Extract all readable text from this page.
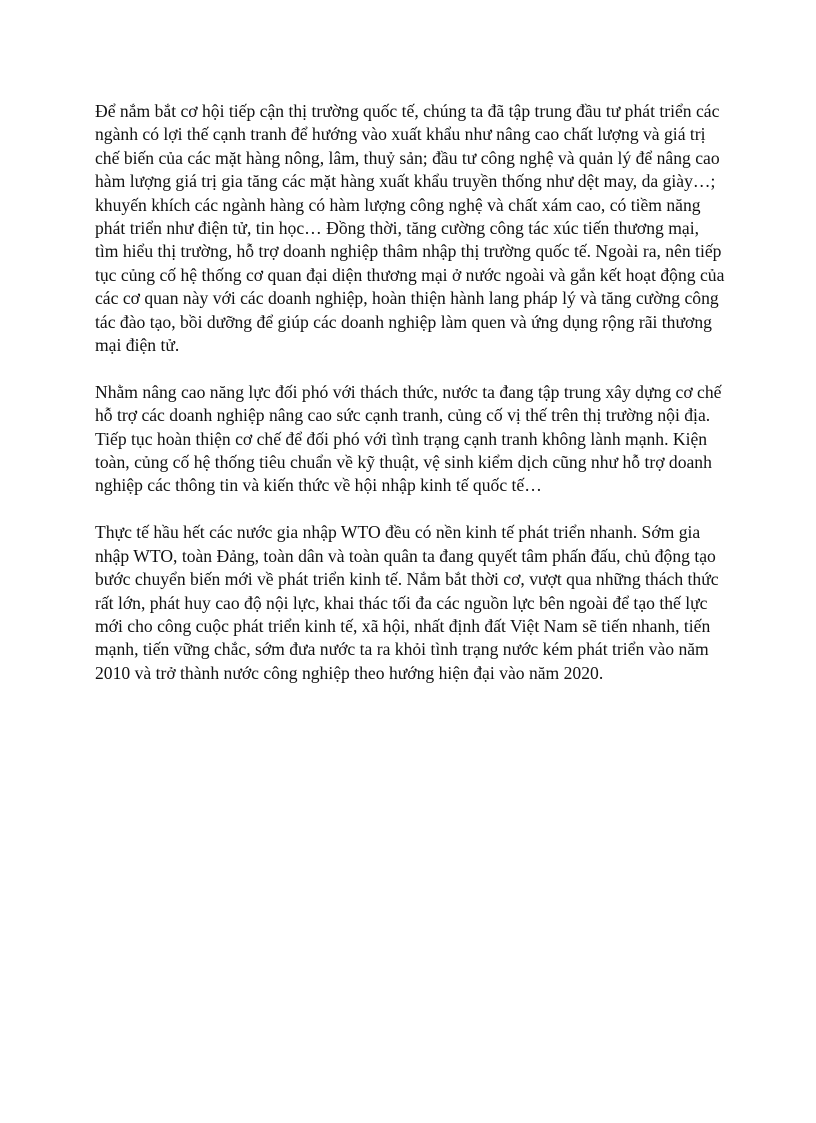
Để nắm bắt cơ hội tiếp cận thị trường quốc tế, chúng ta đã tập trung đầu tư phát triển các ngành có lợi thế cạnh tranh để hướng vào xuất khẩu như nâng cao chất lượng và giá trị chế biến của các mặt hàng nông, lâm, thuỷ sản; đầu tư công nghệ và quản lý để nâng cao hàm lượng giá trị gia tăng các mặt hàng xuất khẩu truyền thống như dệt may, da giày…; khuyến khích các ngành hàng có hàm lượng công nghệ và chất xám cao, có tiềm năng phát triển như điện tử, tin học… Đồng thời, tăng cường công tác xúc tiến thương mại, tìm hiểu thị trường, hỗ trợ doanh nghiệp thâm nhập thị trường quốc tế. Ngoài ra, nên tiếp tục củng cố hệ thống cơ quan đại diện thương mại ở nước ngoài và gắn kết hoạt động của các cơ quan này với các doanh nghiệp, hoàn thiện hành lang pháp lý và tăng cường công tác đào tạo, bồi dưỡng để giúp các doanh nghiệp làm quen và ứng dụng rộng rãi thương mại điện tử.

Nhằm nâng cao năng lực đối phó với thách thức, nước ta đang tập trung xây dựng cơ chế hỗ trợ các doanh nghiệp nâng cao sức cạnh tranh, củng cố vị thế trên thị trường nội địa. Tiếp tục hoàn thiện cơ chế để đối phó với tình trạng cạnh tranh không lành mạnh. Kiện toàn, củng cố hệ thống tiêu chuẩn về kỹ thuật, vệ sinh kiểm dịch cũng như hỗ trợ doanh nghiệp các thông tin và kiến thức về hội nhập kinh tế quốc tế…

Thực tế hầu hết các nước gia nhập WTO đều có nền kinh tế phát triển nhanh. Sớm gia nhập WTO, toàn Đảng, toàn dân và toàn quân ta đang quyết tâm phấn đấu, chủ động tạo bước chuyển biến mới về phát triển kinh tế. Nắm bắt thời cơ, vượt qua những thách thức rất lớn, phát huy cao độ nội lực, khai thác tối đa các nguồn lực bên ngoài để tạo thế lực mới cho công cuộc phát triển kinh tế, xã hội, nhất định đất Việt Nam sẽ tiến nhanh, tiến mạnh, tiến vững chắc, sớm đưa nước ta ra khỏi tình trạng nước kém phát triển vào năm 2010 và trở thành nước công nghiệp theo hướng hiện đại vào năm 2020.
